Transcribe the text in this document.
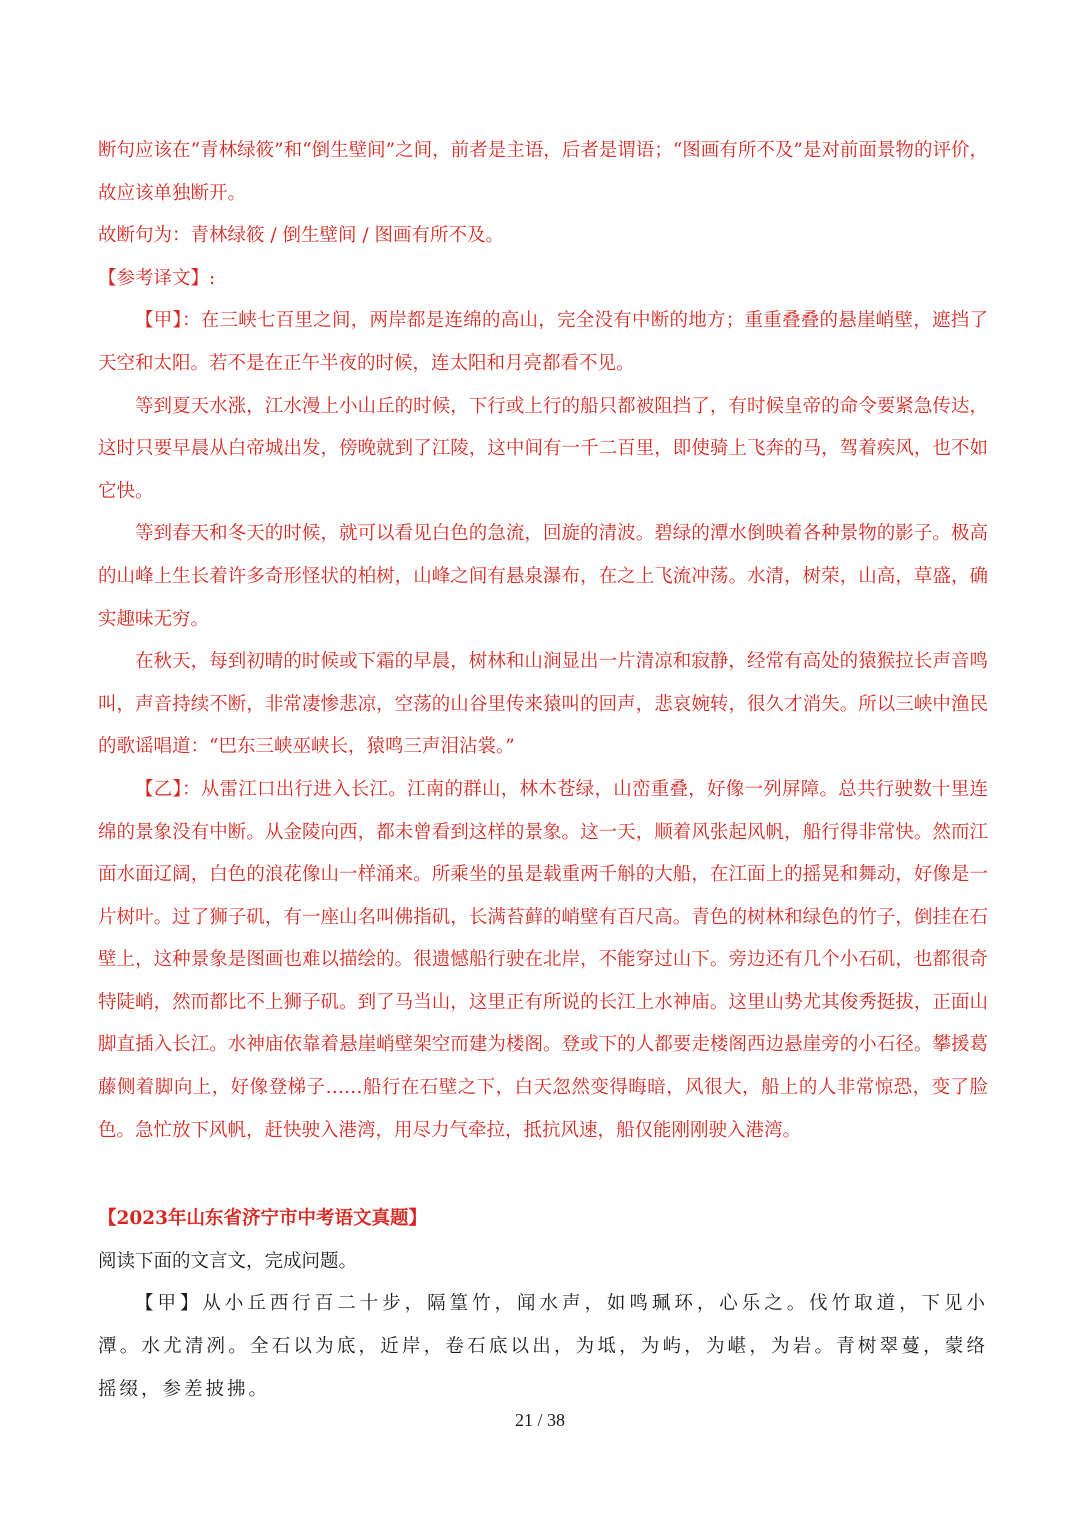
断句应该在“青林绿筱”和“倒生壁间”之间，前者是主语，后者是谓语；“图画有所不及”是对前面景物的评价，故应该单独断开。

故断句为：青林绿筱 / 倒生壁间 / 图画有所不及。

【参考译文】:

【甲】：在三峡七百里之间，两岸都是连绵的高山，完全没有中断的地方；重重叠叠的悬崖峭壁，遮挡了天空和太阳。若不是在正午半夜的时候，连太阳和月亮都看不见。

等到夏天水涨，江水漫上小山丘的时候，下行或上行的船只都被阻挡了，有时候皇帝的命令要紧急传达，这时只要早晨从白帝城出发，傍晚就到了江陵，这中间有一千二百里，即使骑上飞奔的马，驾着疾风，也不如它快。

等到春天和冬天的时候，就可以看见白色的急流，回旋的清波。碧绿的潭水倒映着各种景物的影子。极高的山峰上生长着许多奇形怪状的柏树，山峰之间有悬泉瀑布，在之上飞流冲荡。水清，树荣，山高，草盛，确实趣味无穷。

在秋天，每到初晴的时候或下霜的早晨，树林和山涧显出一片清凉和寂静，经常有高处的猿猴拉长声音鸣叫，声音持续不断，非常凄惨悲凉，空荡的山谷里传来猿叫的回声，悲哀婉转，很久才消失。所以三峡中渔民的歌谣唱道：“巴东三峡巫峡长，猿鸣三声泪沾裳。”

【乙】：从雷江口出行进入长江。江南的群山，林木苍绿，山峦重叠，好像一列屏障。总共行驶数十里连绵的景象没有中断。从金陵向西，都未曾看到这样的景象。这一天，顺着风张起风帆，船行得非常快。然而江面水面辽阔，白色的浪花像山一样涌来。所乘坐的虽是载重两千斛的大船，在江面上的摇晃和舞动，好像是一片树叶。过了狮子矶，有一座山名叫佛指矶，长满苔藓的峭壁有百尺高。青色的树林和绿色的竹子，倒挂在石壁上，这种景象是图画也难以描绘的。很遗憾船行驶在北岸，不能穿过山下。旁边还有几个小石矶，也都很奇特陡峭，然而都比不上狮子矶。到了马当山，这里正有所说的长江上水神庙。这里山势尤其俊秀挺拔，正面山脚直插入长江。水神庙依靠着悬崖峭壁架空而建为楼阁。登或下的人都要走楼阁西边悬崖旁的小石径。攀援葛藤侧着脚向上，好像登梯子……船行在石壁之下，白天忽然变得晦暗，风很大，船上的人非常惊恐，变了脸色。急忙放下风帆，赶快驶入港湾，用尽力气牵拉，抵抗风速，船仅能刚刚驶入港湾。

【2023年山东省济宁市中考语文真题】

阅读下面的文言文，完成问题。

【甲】从小丘西行百二十步，隔篁竹，闻水声，如鸣珮环，心乐之。伐竹取道，下见小潭。水尤清冽。全石以为底，近岸，卷石底以出，为坻，为屿，为嵁，为岩。青树翠蔓，蒙络摇缀，参差披拂。

21 / 38
